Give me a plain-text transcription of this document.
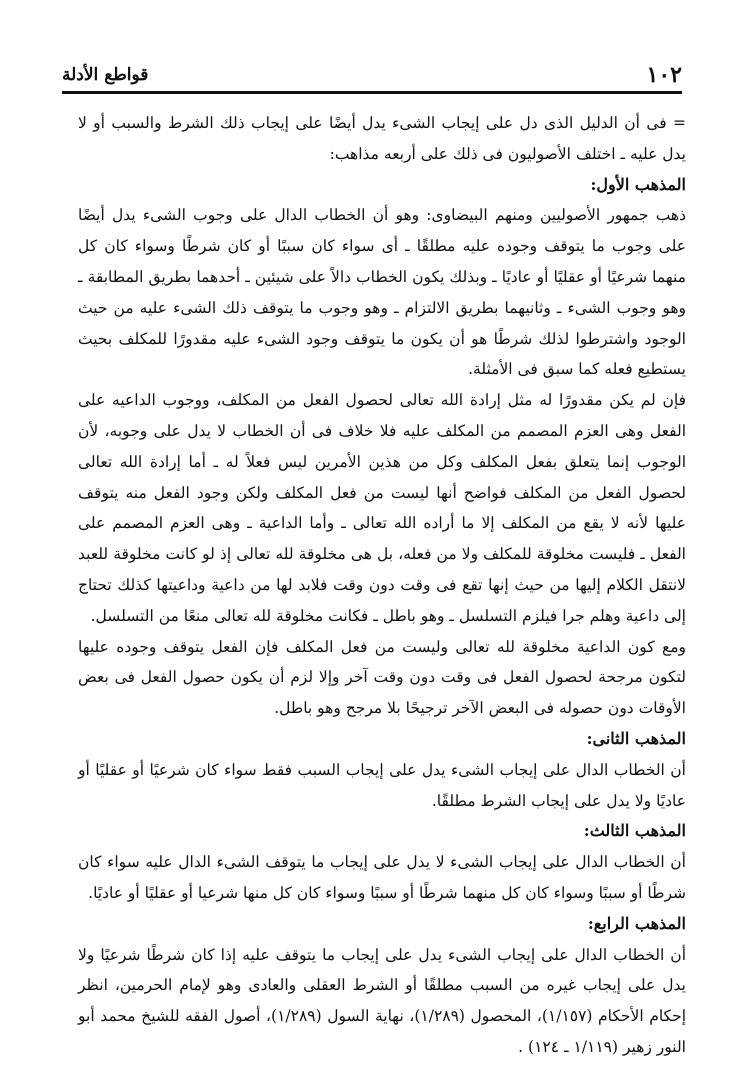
١٠٢
قواطع الأدلة

= فى أن الدليل الذى دل على إيجاب الشىء يدل أيضًا على إيجاب ذلك الشرط والسبب أو لا يدل عليه ـ اختلف الأصوليون فى ذلك على أربعه مذاهب:

المذهب الأول:

ذهب جمهور الأصوليين ومنهم البيضاوى: وهو أن الخطاب الدال على وجوب الشىء يدل أيضًا على وجوب ما يتوقف وجوده عليه مطلقًا ـ أى سواء كان سببًا أو كان شرطًا وسواء كان كل منهما شرعيًا أو عقليًا أو عاديًا ـ وبذلك يكون الخطاب دالاً على شيئين ـ أحدهما بطريق المطابقة ـ وهو وجوب الشىء ـ وثانيهما بطريق الالتزام ـ وهو وجوب ما يتوقف ذلك الشىء عليه من حيث الوجود واشترطوا لذلك شرطًا هو أن يكون ما يتوقف وجود الشىء عليه مقدورًا للمكلف بحيث يستطيع فعله كما سبق فى الأمثلة.

فإن لم يكن مقدورًا له مثل إرادة الله تعالى لحصول الفعل من المكلف، ووجوب الداعيه على الفعل وهى العزم المصمم من المكلف عليه فلا خلاف فى أن الخطاب لا يدل على وجوبه، لأن الوجوب إنما يتعلق بفعل المكلف وكل من هذين الأمرين ليس فعلاً له ـ أما إرادة الله تعالى لحصول الفعل من المكلف فواضح أنها ليست من فعل المكلف ولكن وجود الفعل منه يتوقف عليها لأنه لا يقع من المكلف إلا ما أراده الله تعالى ـ وأما الداعية ـ وهى العزم المصمم على الفعل ـ فليست مخلوقة للمكلف ولا من فعله، بل هى مخلوقة لله تعالى إذ لو كانت مخلوقة للعبد لانتقل الكلام إليها من حيث إنها تقع فى وقت دون وقت فلابد لها من داعية وداعيتها كذلك تحتاج إلى داعية وهلم جرا فيلزم التسلسل ـ وهو باطل ـ فكانت مخلوقة لله تعالى منعًا من التسلسل.

ومع كون الداعية مخلوقة لله تعالى وليست من فعل المكلف فإن الفعل يتوقف وجوده عليها لتكون مرجحة لحصول الفعل فى وقت دون وقت آخر وإلا لزم أن يكون حصول الفعل فى بعض الأوقات دون حصوله فى البعض الآخر ترجيحًا بلا مرجح وهو باطل.

المذهب الثانى:

أن الخطاب الدال على إيجاب الشىء يدل على إيجاب السبب فقط سواء كان شرعيًا أو عقليًا أو عاديًا ولا يدل على إيجاب الشرط مطلقًا.

المذهب الثالث:

أن الخطاب الدال على إيجاب الشىء لا يدل على إيجاب ما يتوقف الشىء الدال عليه سواء كان شرطًا أو سببًا وسواء كان كل منهما شرطًا أو سببًا وسواء كان كل منها شرعيا أو عقليًا أو عاديًا.

المذهب الرابع:

أن الخطاب الدال على إيجاب الشىء يدل على إيجاب ما يتوقف عليه إذا كان شرطًا شرعيًا ولا يدل على إيجاب غيره من السبب مطلقًا أو الشرط العقلى والعادى وهو لإمام الحرمين، انظر إحكام الأحكام (١/١٥٧)، المحصول (١/٢٨٩)، نهاية السول (١/٢٨٩)، أصول الفقه للشيخ محمد أبو النور زهير (١/١١٩ ـ ١٢٤) .
